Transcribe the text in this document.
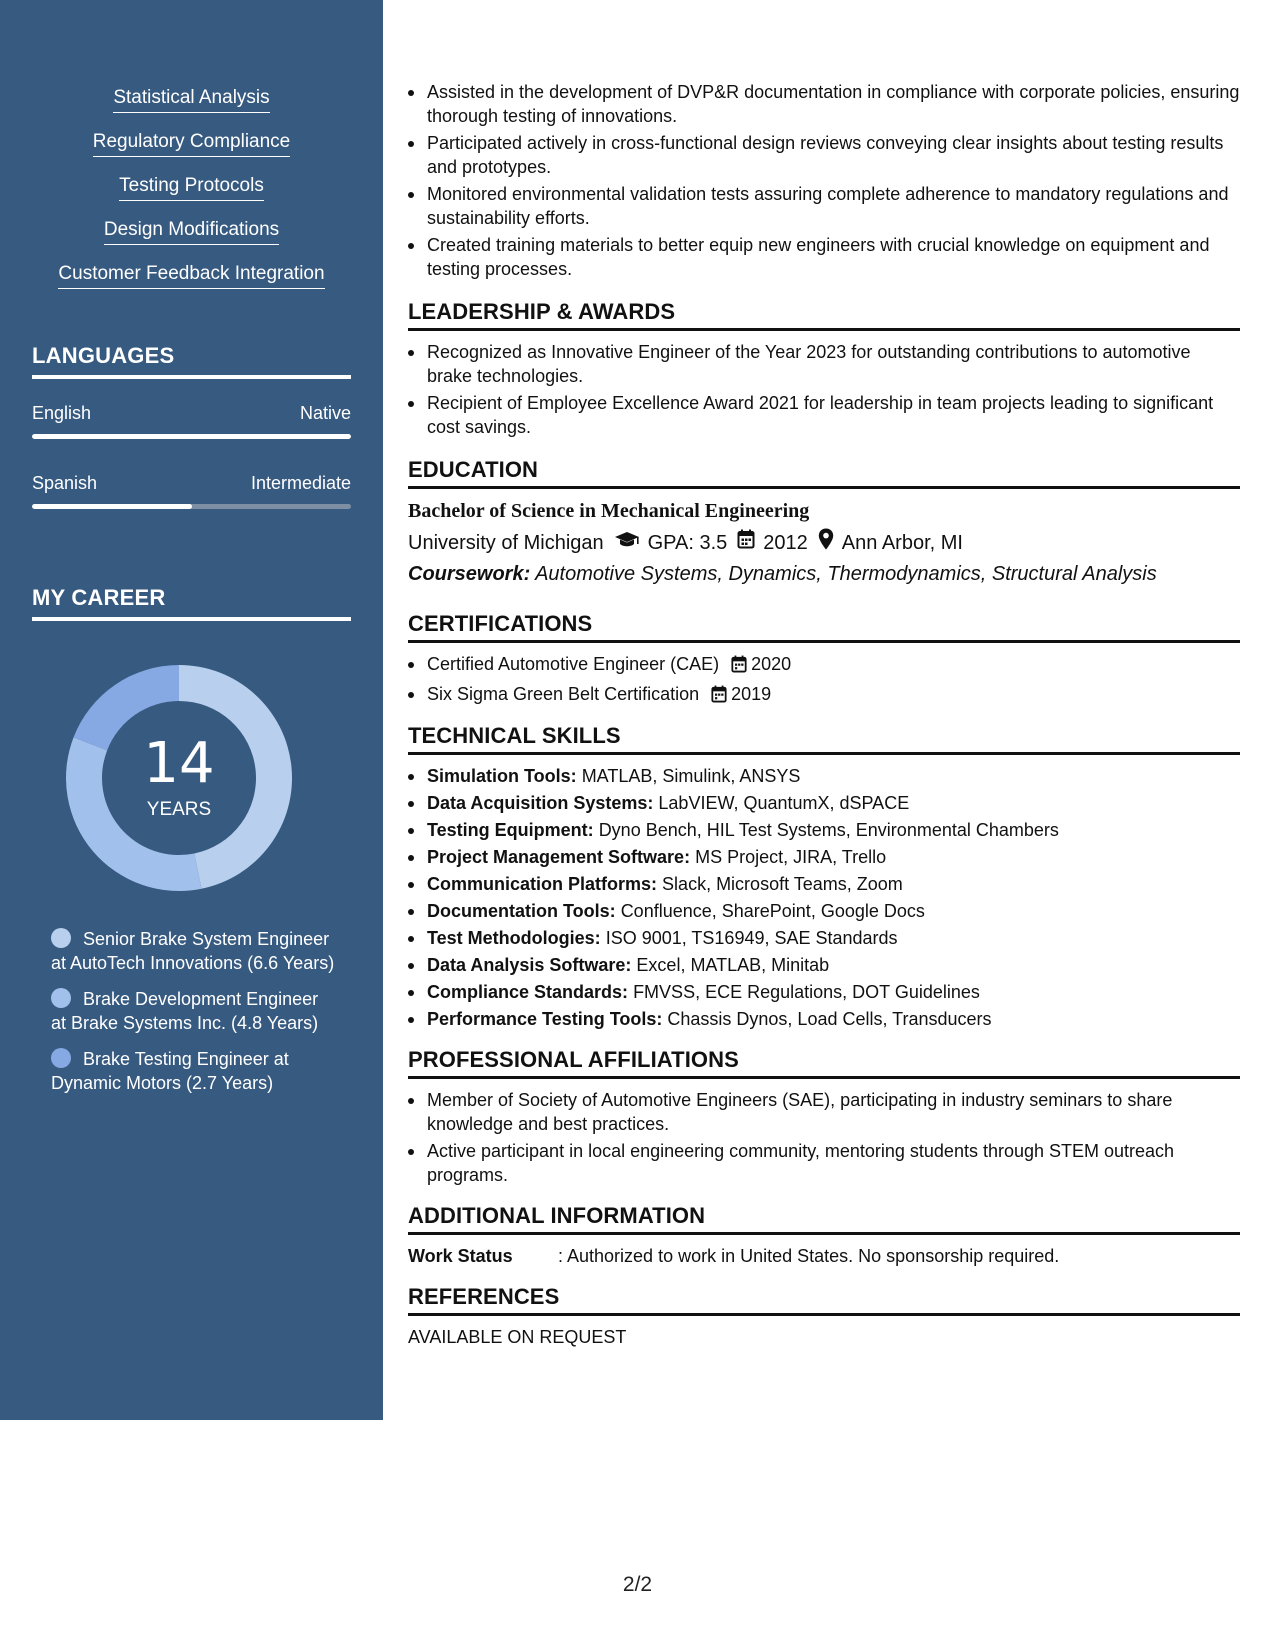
Statistical Analysis
Regulatory Compliance
Testing Protocols
Design Modifications
Customer Feedback Integration
LANGUAGES
English	Native
Spanish	Intermediate
MY CAREER
14
YEARS
Senior Brake System Engineer at AutoTech Innovations (6.6 Years)
Brake Development Engineer at Brake Systems Inc. (4.8 Years)
Brake Testing Engineer at Dynamic Motors (2.7 Years)
Assisted in the development of DVP&R documentation in compliance with corporate policies, ensuring thorough testing of innovations.
Participated actively in cross-functional design reviews conveying clear insights about testing results and prototypes.
Monitored environmental validation tests assuring complete adherence to mandatory regulations and sustainability efforts.
Created training materials to better equip new engineers with crucial knowledge on equipment and testing processes.
LEADERSHIP & AWARDS
Recognized as Innovative Engineer of the Year 2023 for outstanding contributions to automotive brake technologies.
Recipient of Employee Excellence Award 2021 for leadership in team projects leading to significant cost savings.
EDUCATION
Bachelor of Science in Mechanical Engineering
University of Michigan GPA: 3.5 2012 Ann Arbor, MI
Coursework: Automotive Systems, Dynamics, Thermodynamics, Structural Analysis
CERTIFICATIONS
Certified Automotive Engineer (CAE) 2020
Six Sigma Green Belt Certification 2019
TECHNICAL SKILLS
Simulation Tools: MATLAB, Simulink, ANSYS
Data Acquisition Systems: LabVIEW, QuantumX, dSPACE
Testing Equipment: Dyno Bench, HIL Test Systems, Environmental Chambers
Project Management Software: MS Project, JIRA, Trello
Communication Platforms: Slack, Microsoft Teams, Zoom
Documentation Tools: Confluence, SharePoint, Google Docs
Test Methodologies: ISO 9001, TS16949, SAE Standards
Data Analysis Software: Excel, MATLAB, Minitab
Compliance Standards: FMVSS, ECE Regulations, DOT Guidelines
Performance Testing Tools: Chassis Dynos, Load Cells, Transducers
PROFESSIONAL AFFILIATIONS
Member of Society of Automotive Engineers (SAE), participating in industry seminars to share knowledge and best practices.
Active participant in local engineering community, mentoring students through STEM outreach programs.
ADDITIONAL INFORMATION
Work Status	: Authorized to work in United States. No sponsorship required.
REFERENCES
AVAILABLE ON REQUEST
2/2
